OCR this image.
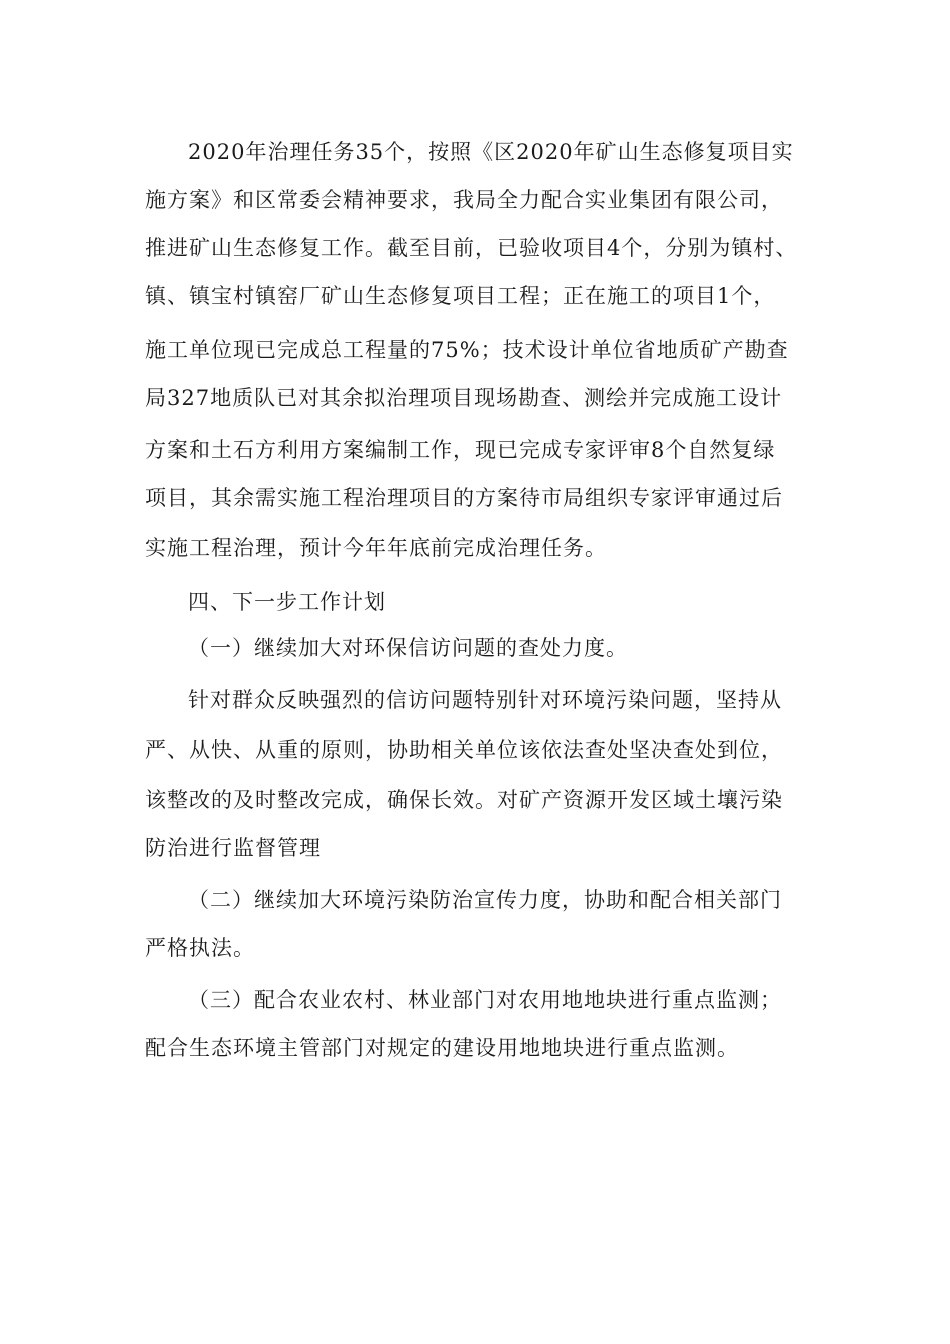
2020年治理任务35个，按照《区2020年矿山生态修复项目实
施方案》和区常委会精神要求，我局全力配合实业集团有限公司，
推进矿山生态修复工作。截至目前，已验收项目4个，分别为镇村、
镇、镇宝村镇窑厂矿山生态修复项目工程；正在施工的项目1个，
施工单位现已完成总工程量的75%；技术设计单位省地质矿产勘查
局327地质队已对其余拟治理项目现场勘查、测绘并完成施工设计
方案和土石方利用方案编制工作，现已完成专家评审8个自然复绿
项目，其余需实施工程治理项目的方案待市局组织专家评审通过后
实施工程治理，预计今年年底前完成治理任务。
四、下一步工作计划
（一）继续加大对环保信访问题的查处力度。
针对群众反映强烈的信访问题特别针对环境污染问题，坚持从
严、从快、从重的原则，协助相关单位该依法查处坚决查处到位，
该整改的及时整改完成，确保长效。对矿产资源开发区域土壤污染
防治进行监督管理
（二）继续加大环境污染防治宣传力度，协助和配合相关部门
严格执法。
（三）配合农业农村、林业部门对农用地地块进行重点监测；
配合生态环境主管部门对规定的建设用地地块进行重点监测。
